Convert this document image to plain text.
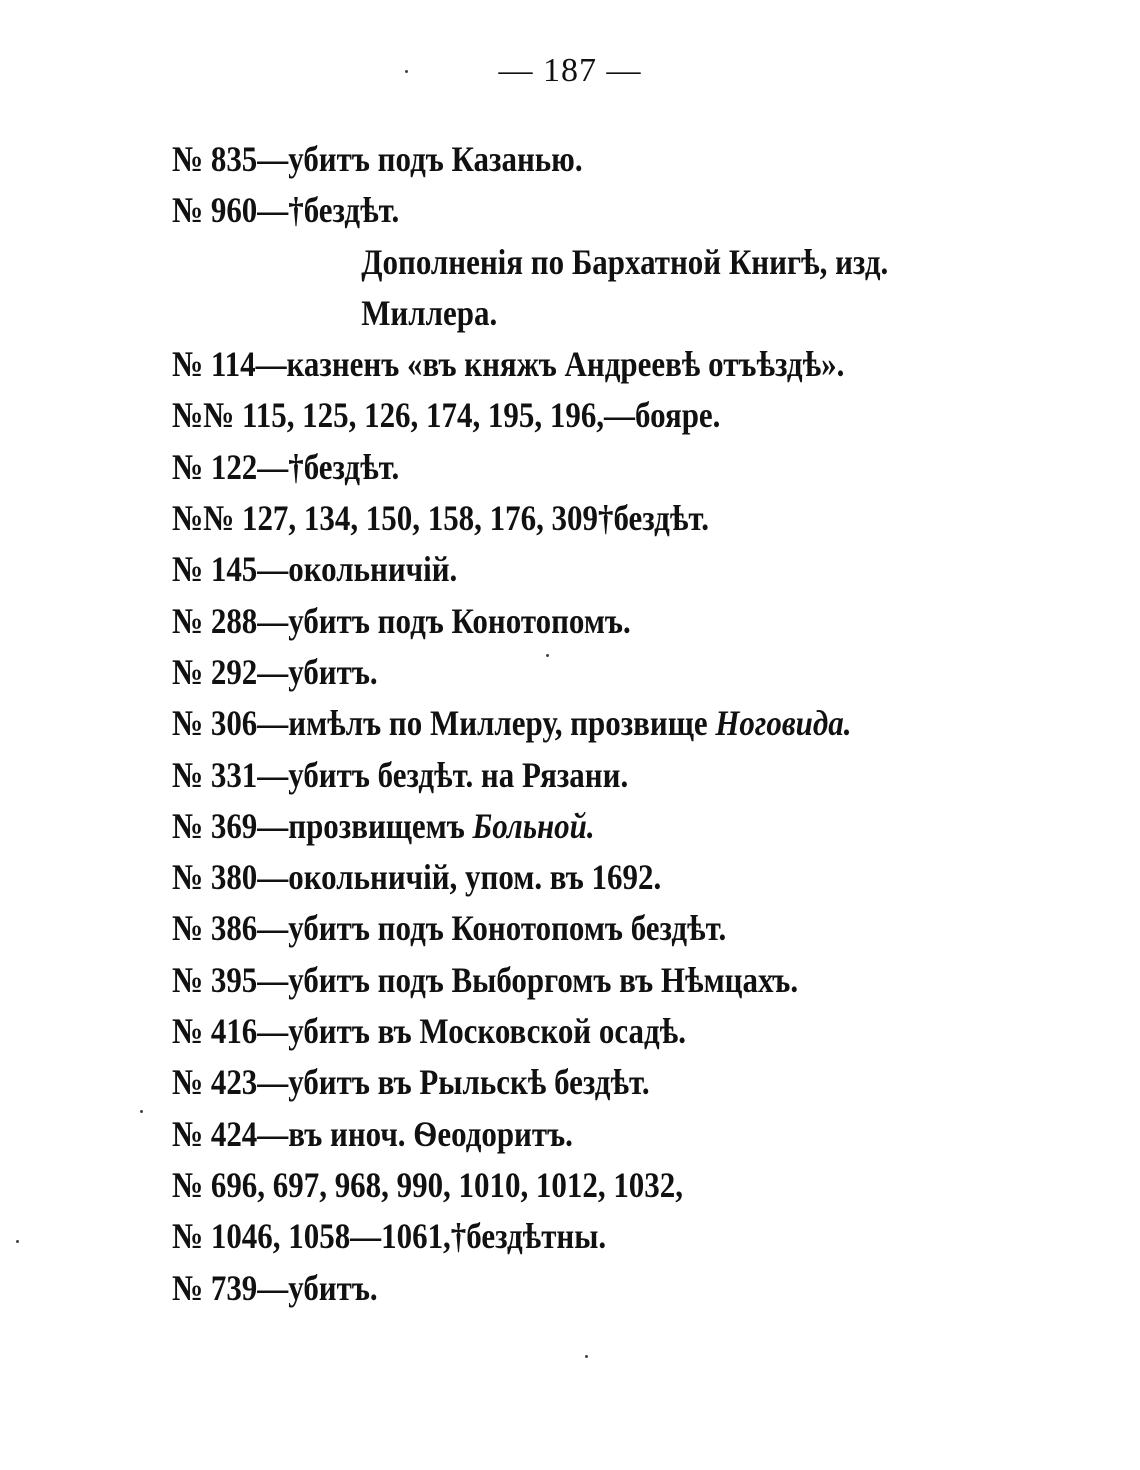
— 187 —
№ 835—убитъ подъ Казанью.
№ 960—†бездѣт.
Дополненія по Бархатной Книгѣ, изд.
Миллера.
№ 114—казненъ «въ княжъ Андреевѣ отъѣздѣ».
№№ 115, 125, 126, 174, 195, 196,—бояре.
№ 122—†бездѣт.
№№ 127, 134, 150, 158, 176, 309†бездѣт.
№ 145—окольничій.
№ 288—убитъ подъ Конотопомъ.
№ 292—убитъ.
№ 306—имѣлъ по Миллеру, прозвище Ноговида.
№ 331—убитъ бездѣт. на Рязани.
№ 369—прозвищемъ Больной.
№ 380—окольничій, упом. въ 1692.
№ 386—убитъ подъ Конотопомъ бездѣт.
№ 395—убитъ подъ Выборгомъ въ Нѣмцахъ.
№ 416—убитъ въ Московской осадѣ.
№ 423—убитъ въ Рыльскѣ бездѣт.
№ 424—въ иноч. Ѳеодоритъ.
№ 696, 697, 968, 990, 1010, 1012, 1032,
№ 1046, 1058—1061,†бездѣтны.
№ 739—убитъ.
